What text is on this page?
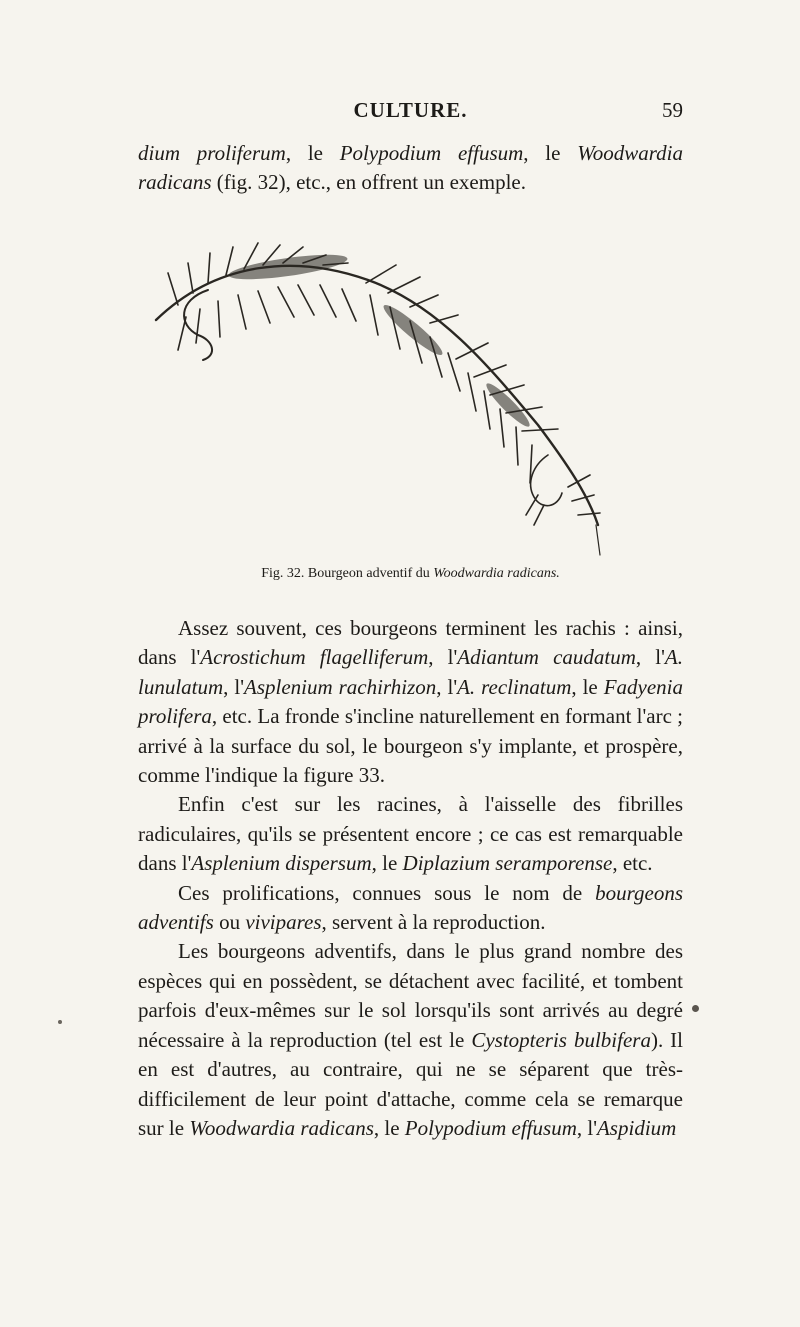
CULTURE.	59

dium proliferum, le Polypodium effusum, le Woodwardia radicans (fig. 32), etc., en offrent un exemple.

Fig. 32. Bourgeon adventif du Woodwardia radicans.

Assez souvent, ces bourgeons terminent les rachis : ainsi, dans l'Acrostichum flagelliferum, l'Adiantum caudatum, l'A. lunulatum, l'Asplenium rachirhizon, l'A. reclinatum, le Fadyenia prolifera, etc. La fronde s'incline naturellement en formant l'arc ; arrivé à la surface du sol, le bourgeon s'y implante, et prospère, comme l'indique la figure 33.

Enfin c'est sur les racines, à l'aisselle des fibrilles radiculaires, qu'ils se présentent encore ; ce cas est remarquable dans l'Asplenium dispersum, le Diplazium seramporense, etc.

Ces prolifications, connues sous le nom de bourgeons adventifs ou vivipares, servent à la reproduction.

Les bourgeons adventifs, dans le plus grand nombre des espèces qui en possèdent, se détachent avec facilité, et tombent parfois d'eux-mêmes sur le sol lorsqu'ils sont arrivés au degré nécessaire à la reproduction (tel est le Cystopteris bulbifera). Il en est d'autres, au contraire, qui ne se séparent que très-difficilement de leur point d'attache, comme cela se remarque sur le Woodwardia radicans, le Polypodium effusum, l'Aspidium
